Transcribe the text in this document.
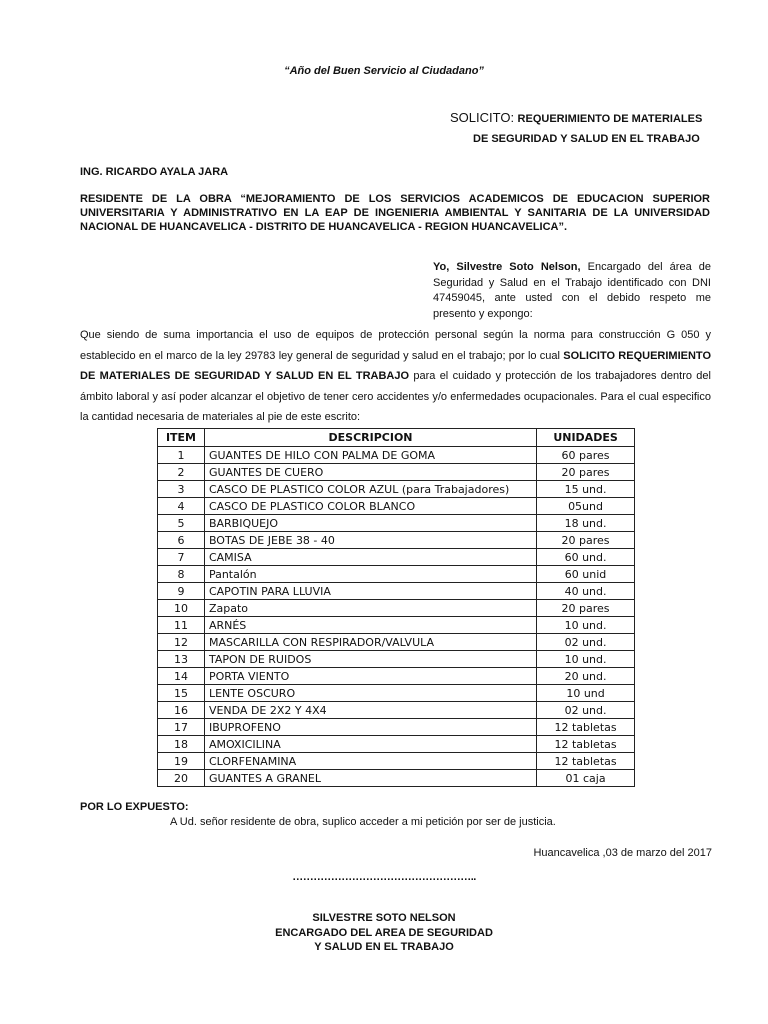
“Año del Buen Servicio al Ciudadano”
SOLICITO: REQUERIMIENTO DE MATERIALES
DE SEGURIDAD Y SALUD EN EL TRABAJO
ING. RICARDO AYALA JARA
RESIDENTE DE LA OBRA “MEJORAMIENTO DE LOS SERVICIOS ACADEMICOS DE EDUCACION SUPERIOR UNIVERSITARIA Y ADMINISTRATIVO EN LA EAP DE INGENIERIA AMBIENTAL Y SANITARIA DE LA UNIVERSIDAD NACIONAL DE HUANCAVELICA - DISTRITO DE HUANCAVELICA - REGION HUANCAVELICA”.
Yo, Silvestre Soto Nelson, Encargado del área de Seguridad y Salud en el Trabajo identificado con DNI 47459045, ante usted con el debido respeto me presento y expongo:
Que siendo de suma importancia el uso de equipos de protección personal según la norma para construcción G 050 y establecido en el marco de la ley 29783 ley general de seguridad y salud en el trabajo; por lo cual SOLICITO REQUERIMIENTO DE MATERIALES DE SEGURIDAD Y SALUD EN EL TRABAJO para el cuidado y protección de los trabajadores dentro del ámbito laboral y así poder alcanzar el objetivo de tener cero accidentes y/o enfermedades ocupacionales. Para el cual especifico la cantidad necesaria de materiales al pie de este escrito:
ITEM	DESCRIPCION	UNIDADES
1	GUANTES DE HILO CON PALMA DE GOMA	60 pares
2	GUANTES DE CUERO	20 pares
3	CASCO DE PLASTICO COLOR AZUL (para Trabajadores)	15 und.
4	CASCO DE PLASTICO COLOR BLANCO	05und
5	BARBIQUEJO	18 und.
6	BOTAS DE JEBE 38 - 40	20 pares
7	CAMISA	60 und.
8	Pantalón	60 unid
9	CAPOTIN PARA LLUVIA	40 und.
10	Zapato	20 pares
11	ARNÉS	10 und.
12	MASCARILLA CON RESPIRADOR/VALVULA	02 und.
13	TAPON DE RUIDOS	10 und.
14	PORTA VIENTO	20 und.
15	LENTE OSCURO	10 und
16	VENDA DE 2X2 Y 4X4	02 und.
17	IBUPROFENO	12 tabletas
18	AMOXICILINA	12 tabletas
19	CLORFENAMINA	12 tabletas
20	GUANTES A GRANEL	01 caja
POR LO EXPUESTO:
A Ud. señor residente de obra, suplico acceder a mi petición por ser de justicia.
Huancavelica ,03 de marzo del 2017
……………………………………………..
SILVESTRE SOTO NELSON
ENCARGADO DEL AREA DE SEGURIDAD
Y SALUD EN EL TRABAJO
